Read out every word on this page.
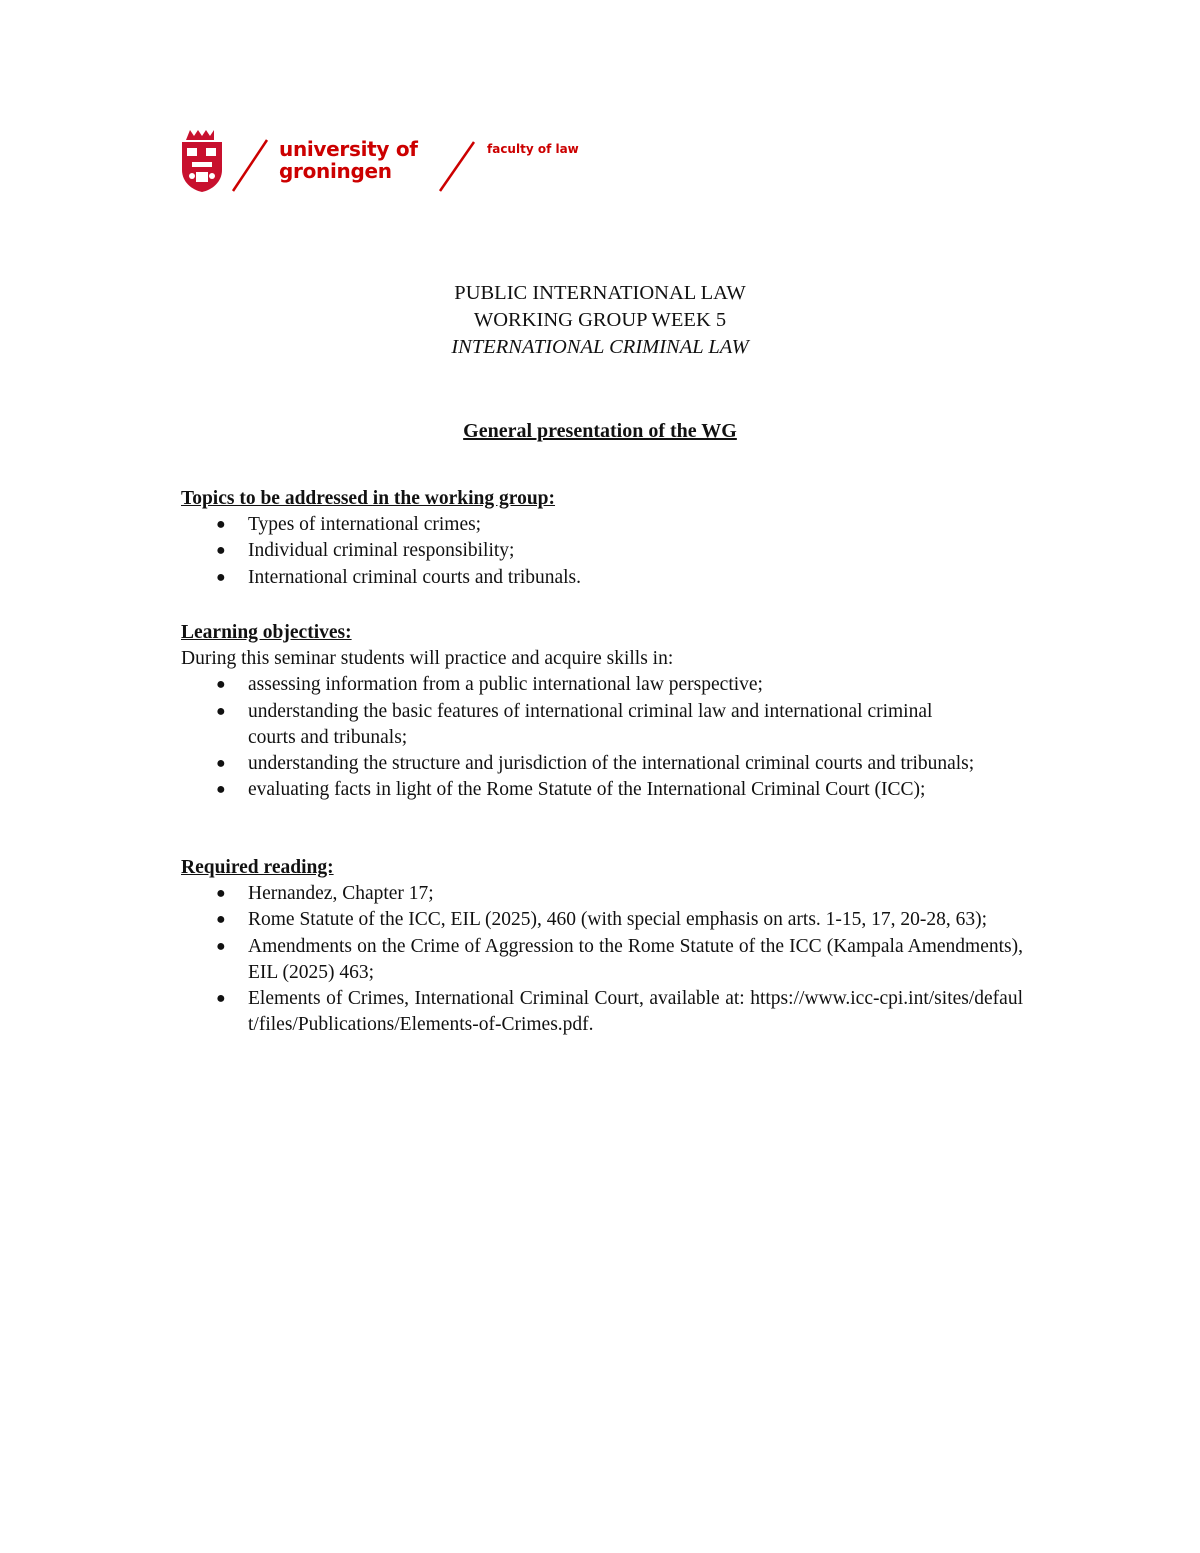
university of
groningen
faculty of law
PUBLIC INTERNATIONAL LAW
WORKING GROUP WEEK 5
INTERNATIONAL CRIMINAL LAW
General presentation of the WG
Topics to be addressed in the working group:
● Types of international crimes;
● Individual criminal responsibility;
● International criminal courts and tribunals.
Learning objectives:

During this seminar students will practice and acquire skills in:

● assessing information from a public international law perspective;
● understanding the basic features of international criminal law and international criminal courts and tribunals;
● understanding the structure and jurisdiction of the international criminal courts and tribunals;
● evaluating facts in light of the Rome Statute of the International Criminal Court (ICC);
Required reading:
● Hernandez, Chapter 17;
● Rome Statute of the ICC, EIL (2025), 460 (with special emphasis on arts. 1-15, 17, 20-28, 63);
● Amendments on the Crime of Aggression to the Rome Statute of the ICC (Kampala Amendments), EIL (2025) 463;
● Elements of Crimes, International Criminal Court, available at: https://www.icc-cpi.int/sites/default/files/Publications/Elements-of-Crimes.pdf.
